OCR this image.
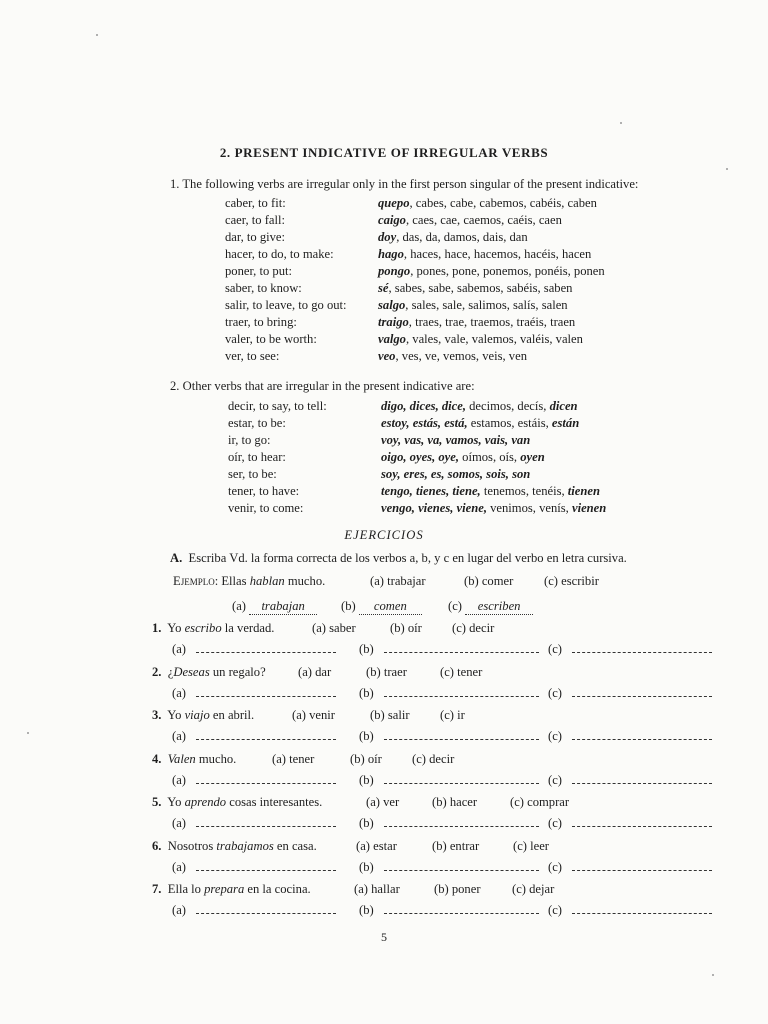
2. PRESENT INDICATIVE OF IRREGULAR VERBS
1. The following verbs are irregular only in the first person singular of the present indicative:
caber, to fit:	quepo, cabes, cabe, cabemos, cabéis, caben
caer, to fall:	caigo, caes, cae, caemos, caéis, caen
dar, to give:	doy, das, da, damos, dais, dan
hacer, to do, to make:	hago, haces, hace, hacemos, hacéis, hacen
poner, to put:	pongo, pones, pone, ponemos, ponéis, ponen
saber, to know:	sé, sabes, sabe, sabemos, sabéis, saben
salir, to leave, to go out: salgo, sales, sale, salimos, salís, salen
traer, to bring:	traigo, traes, trae, traemos, traéis, traen
valer, to be worth:	valgo, vales, vale, valemos, valéis, valen
ver, to see:	veo, ves, ve, vemos, veis, ven
2. Other verbs that are irregular in the present indicative are:
decir, to say, to tell:	digo, dices, dice, decimos, decís, dicen
estar, to be:	estoy, estás, está, estamos, estáis, están
ir, to go:	voy, vas, va, vamos, vais, van
oír, to hear:	oigo, oyes, oye, oímos, oís, oyen
ser, to be:	soy, eres, es, somos, sois, son
tener, to have:	tengo, tienes, tiene, tenemos, tenéis, tienen
venir, to come:	vengo, vienes, viene, venimos, venís, vienen
EJERCICIOS
A. Escriba Vd. la forma correcta de los verbos a, b, y c en lugar del verbo en letra cursiva.
Ejemplo: Ellas hablan mucho.	(a) trabajar	(b) comer (c) escribir
(a) trabajan	(b) comen	(c) escriben
1. Yo escribo la verdad.	(a) saber	(b) oír (c) decir
(a)	(b)	(c)
2. ¿Deseas un regalo?	(a) dar	(b) traer	(c) tener
(a)	(b)	(c)
3. Yo viajo en abril.	(a) venir	(b) salir (c) ir
(a)	(b)	(c)
4. Valen mucho.	(a) tener	(b) oír (c) decir
(a)	(b)	(c)
5. Yo aprendo cosas interesantes.	(a) ver	(b) hacer	(c) comprar
(a)	(b)	(c)
6. Nosotros trabajamos en casa.	(a) estar	(b) entrar	(c) leer
(a)	(b)	(c)
7. Ella lo prepara en la cocina.	(a) hallar	(b) poner (c) dejar
(a)	(b)	(c)
5
